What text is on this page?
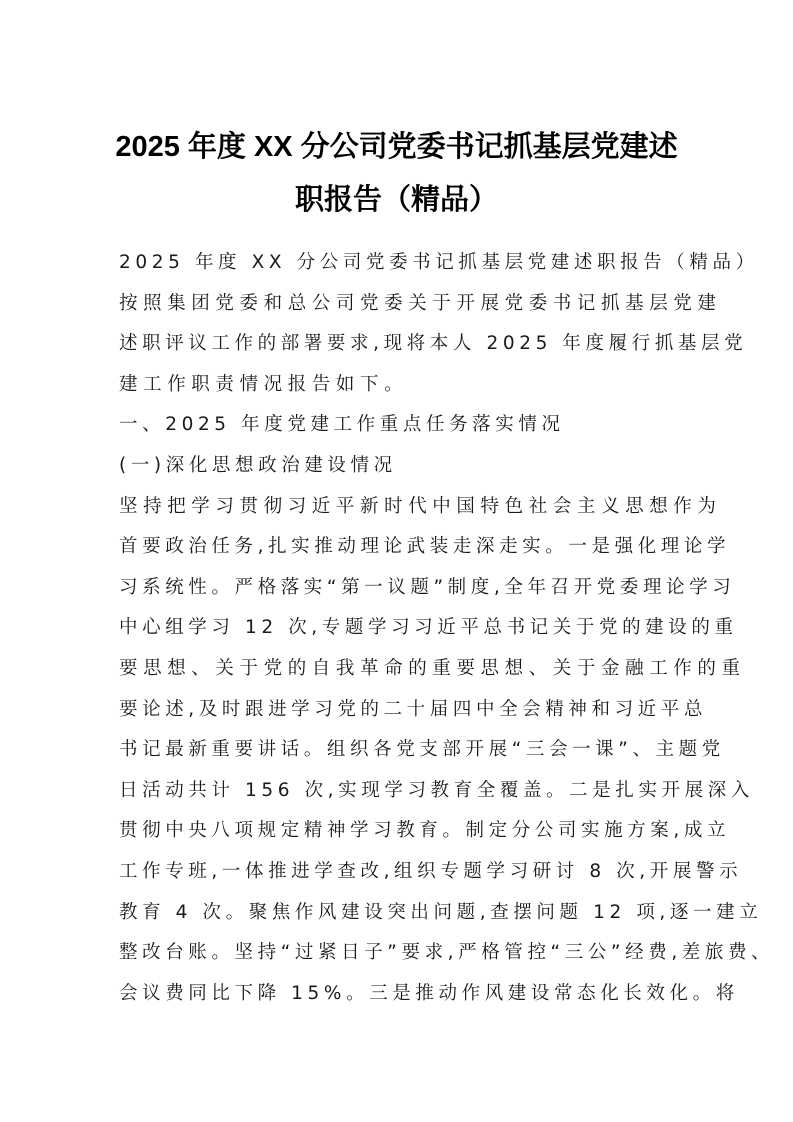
2025 年度 XX 分公司党委书记抓基层党建述
职报告（精品）
2025 年度 XX 分公司党委书记抓基层党建述职报告（精品）
按照集团党委和总公司党委关于开展党委书记抓基层党建
述职评议工作的部署要求,现将本人 2025 年度履行抓基层党
建工作职责情况报告如下。
一、2025 年度党建工作重点任务落实情况
(一)深化思想政治建设情况
坚持把学习贯彻习近平新时代中国特色社会主义思想作为
首要政治任务,扎实推动理论武装走深走实。一是强化理论学
习系统性。严格落实“第一议题”制度,全年召开党委理论学习
中心组学习 12 次,专题学习习近平总书记关于党的建设的重
要思想、关于党的自我革命的重要思想、关于金融工作的重
要论述,及时跟进学习党的二十届四中全会精神和习近平总
书记最新重要讲话。组织各党支部开展“三会一课”、主题党
日活动共计 156 次,实现学习教育全覆盖。二是扎实开展深入
贯彻中央八项规定精神学习教育。制定分公司实施方案,成立
工作专班,一体推进学查改,组织专题学习研讨 8 次,开展警示
教育 4 次。聚焦作风建设突出问题,查摆问题 12 项,逐一建立
整改台账。坚持“过紧日子”要求,严格管控“三公”经费,差旅费、
会议费同比下降 15%。三是推动作风建设常态化长效化。将
